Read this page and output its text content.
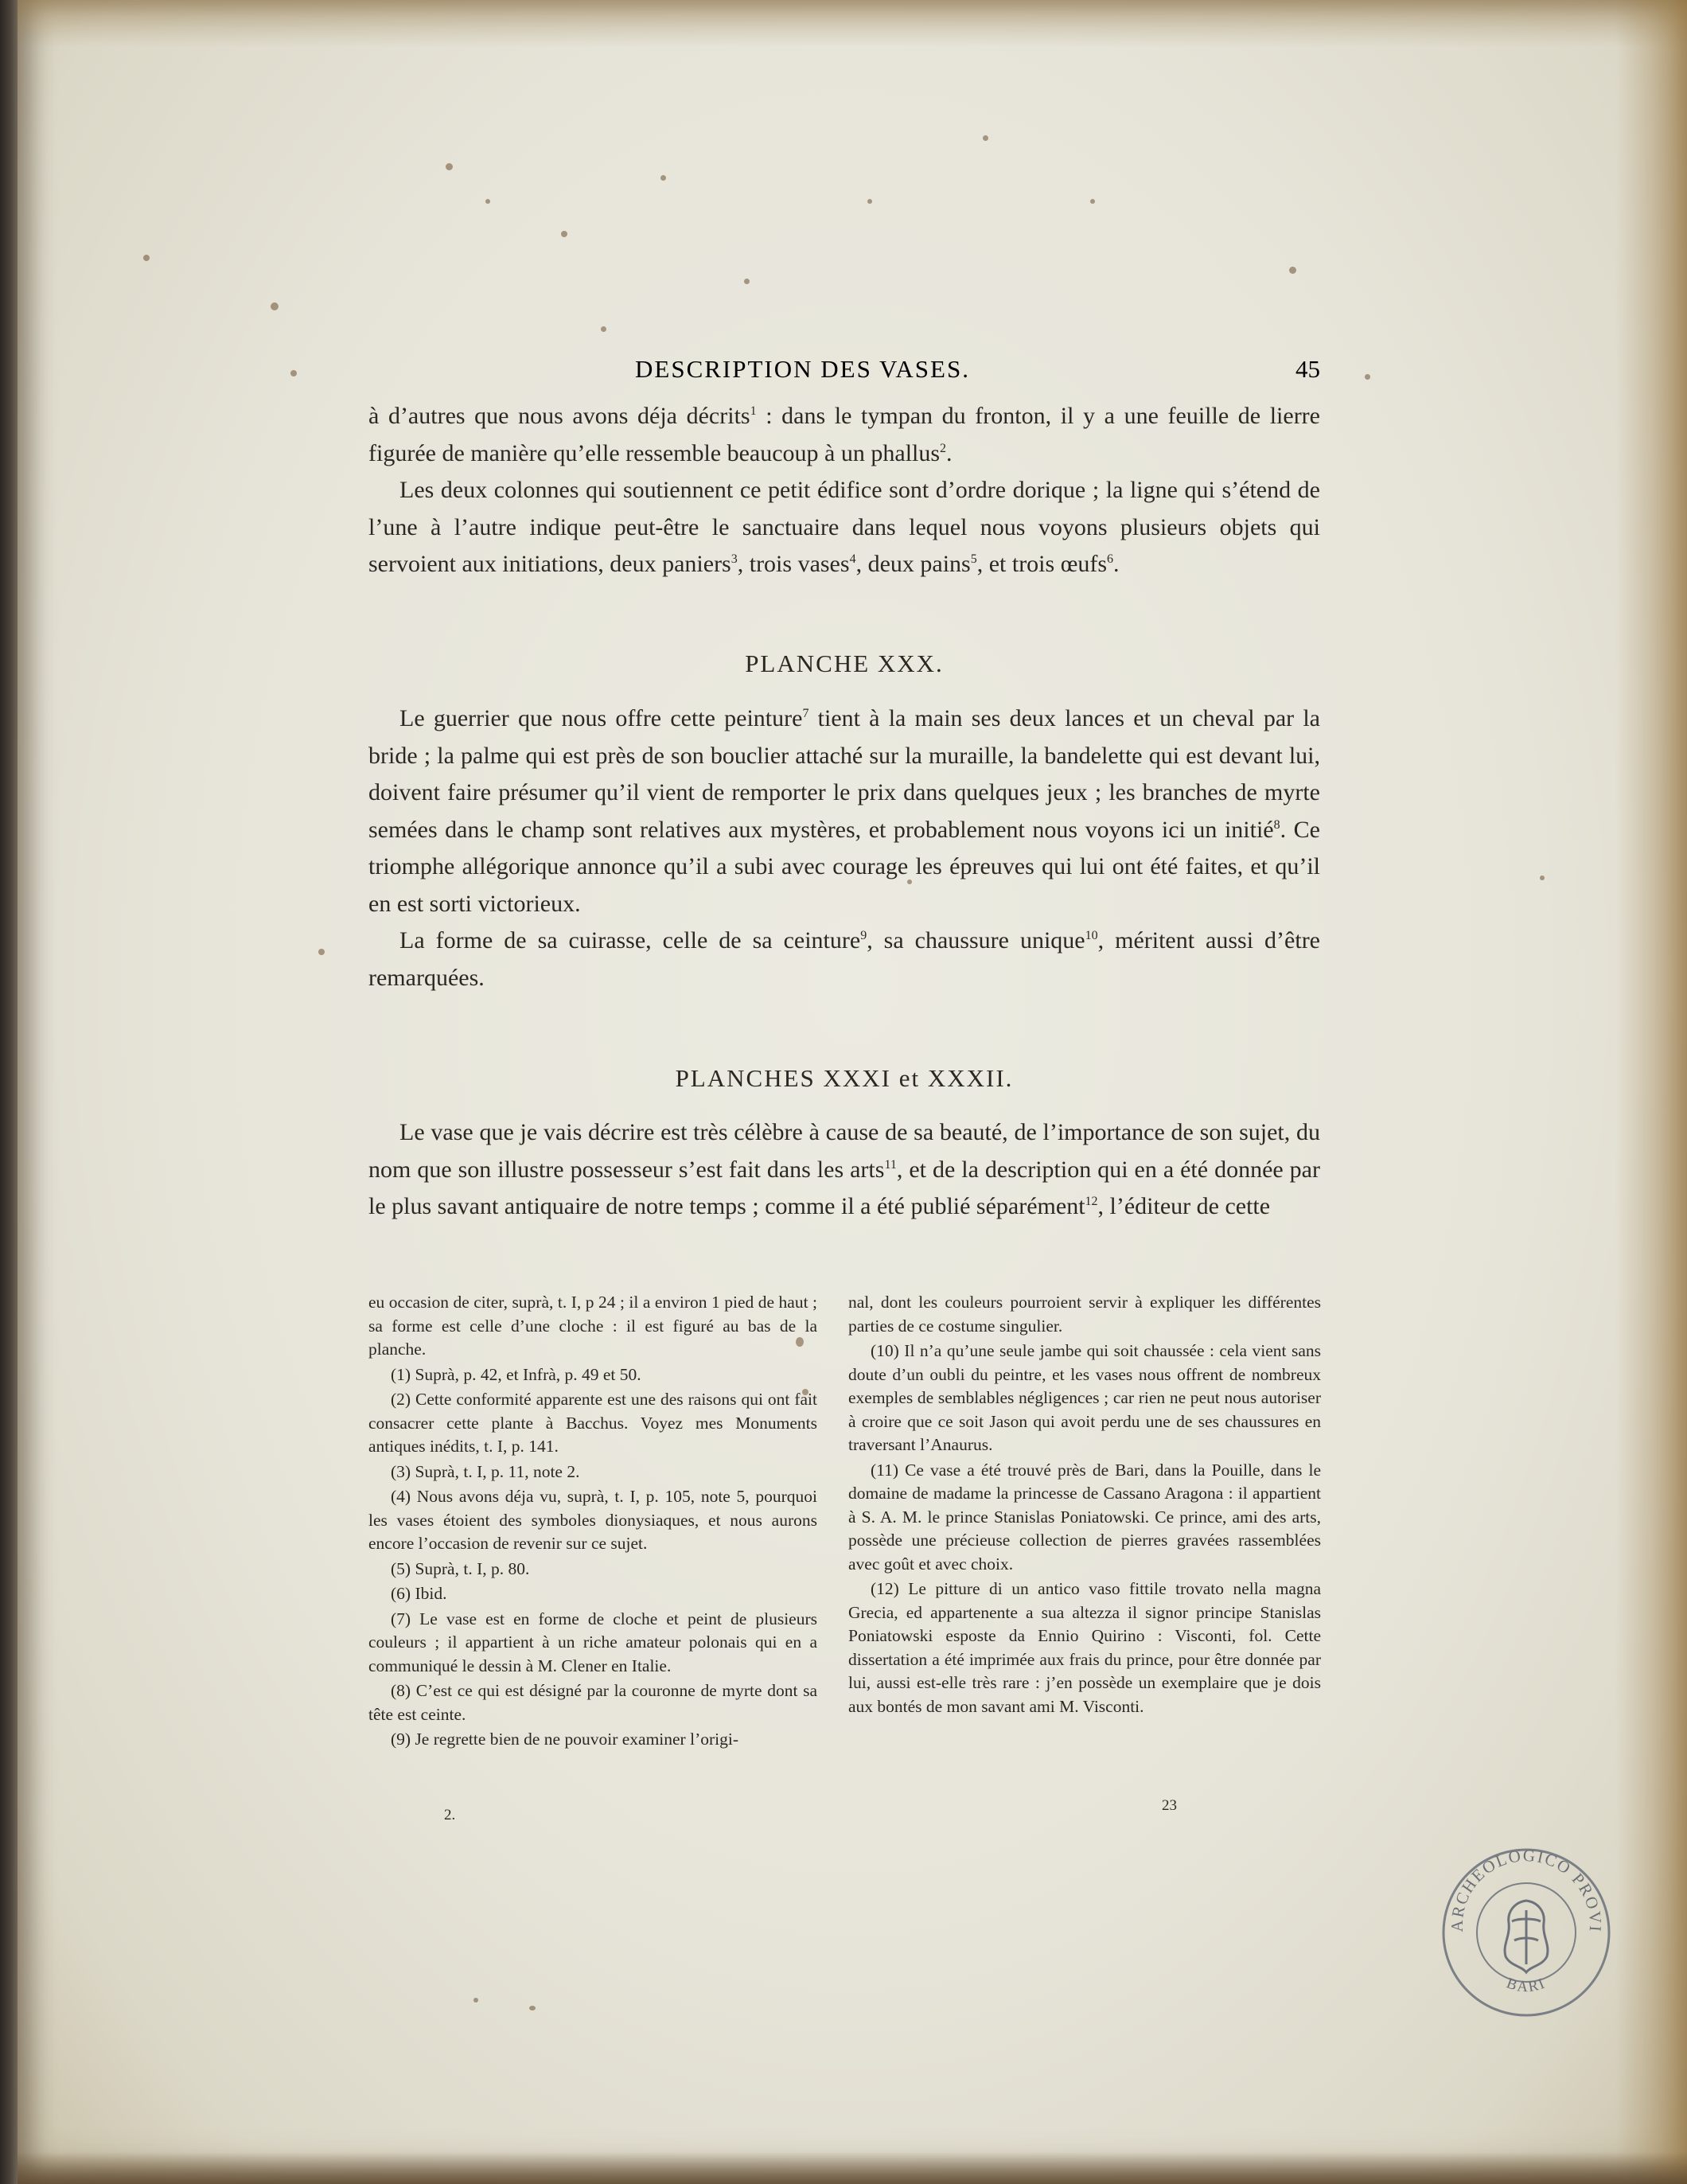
DESCRIPTION DES VASES.	45

à d’autres que nous avons déja décrits$^1$ : dans le tympan du fronton, il y a une feuille de lierre figurée de manière qu’elle ressemble beaucoup à un phallus$^2$.

Les deux colonnes qui soutiennent ce petit édifice sont d’ordre dorique ; la ligne qui s’étend de l’une à l’autre indique peut-être le sanctuaire dans lequel nous voyons plusieurs objets qui servoient aux initiations, deux paniers$^3$, trois vases$^4$, deux pains$^5$, et trois œufs$^6$.

PLANCHE XXX.

Le guerrier que nous offre cette peinture$^7$ tient à la main ses deux lances et un cheval par la bride ; la palme qui est près de son bouclier attaché sur la muraille, la bandelette qui est devant lui, doivent faire présumer qu’il vient de remporter le prix dans quelques jeux ; les branches de myrte semées dans le champ sont relatives aux mystères, et probablement nous voyons ici un initié$^8$. Ce triomphe allégorique annonce qu’il a subi avec courage les épreuves qui lui ont été faites, et qu’il en est sorti victorieux.

La forme de sa cuirasse, celle de sa ceinture$^9$, sa chaussure unique$^{10}$, méritent aussi d’être remarquées.

PLANCHES XXXI et XXXII.

Le vase que je vais décrire est très célèbre à cause de sa beauté, de l’importance de son sujet, du nom que son illustre possesseur s’est fait dans les arts$^{11}$, et de la description qui en a été donnée par le plus savant antiquaire de notre temps ; comme il a été publié séparément$^{12}$, l’éditeur de cette

eu occasion de citer, suprà, t. I, p 24 ; il a environ 1 pied de haut ; sa forme est celle d’une cloche : il est figuré au bas de la planche.

(1) Suprà, p. 42, et Infrà, p. 49 et 50.

(2) Cette conformité apparente est une des raisons qui ont fait consacrer cette plante à Bacchus. Voyez mes Monuments antiques inédits, t. I, p. 141.

(3) Suprà, t. I, p. 11, note 2.

(4) Nous avons déja vu, suprà, t. I, p. 105, note 5, pourquoi les vases étoient des symboles dionysiaques, et nous aurons encore l’occasion de revenir sur ce sujet.

(5) Suprà, t. I, p. 80.

(6) Ibid.

(7) Le vase est en forme de cloche et peint de plusieurs couleurs ; il appartient à un riche amateur polonais qui en a communiqué le dessin à M. Clener en Italie.

(8) C’est ce qui est désigné par la couronne de myrte dont sa tête est ceinte.

(9) Je regrette bien de ne pouvoir examiner l’origi-

nal, dont les couleurs pourroient servir à expliquer les différentes parties de ce costume singulier.

(10) Il n’a qu’une seule jambe qui soit chaussée : cela vient sans doute d’un oubli du peintre, et les vases nous offrent de nombreux exemples de semblables négligences ; car rien ne peut nous autoriser à croire que ce soit Jason qui avoit perdu une de ses chaussures en traversant l’Anaurus.

(11) Ce vase a été trouvé près de Bari, dans la Pouille, dans le domaine de madame la princesse de Cassano Aragona : il appartient à S. A. M. le prince Stanislas Poniatowski. Ce prince, ami des arts, possède une précieuse collection de pierres gravées rassemblées avec goût et avec choix.

(12) Le pitture di un antico vaso fittile trovato nella magna Grecia, ed appartenente a sua altezza il signor principe Stanislas Poniatowski esposte da Ennio Quirino : Visconti, fol. Cette dissertation a été imprimée aux frais du prince, pour être donnée par lui, aussi est-elle très rare : j’en possède un exemplaire que je dois aux bontés de mon savant ami M. Visconti.

2.
23
ARCHEOLOGICO PROVI
BARI
